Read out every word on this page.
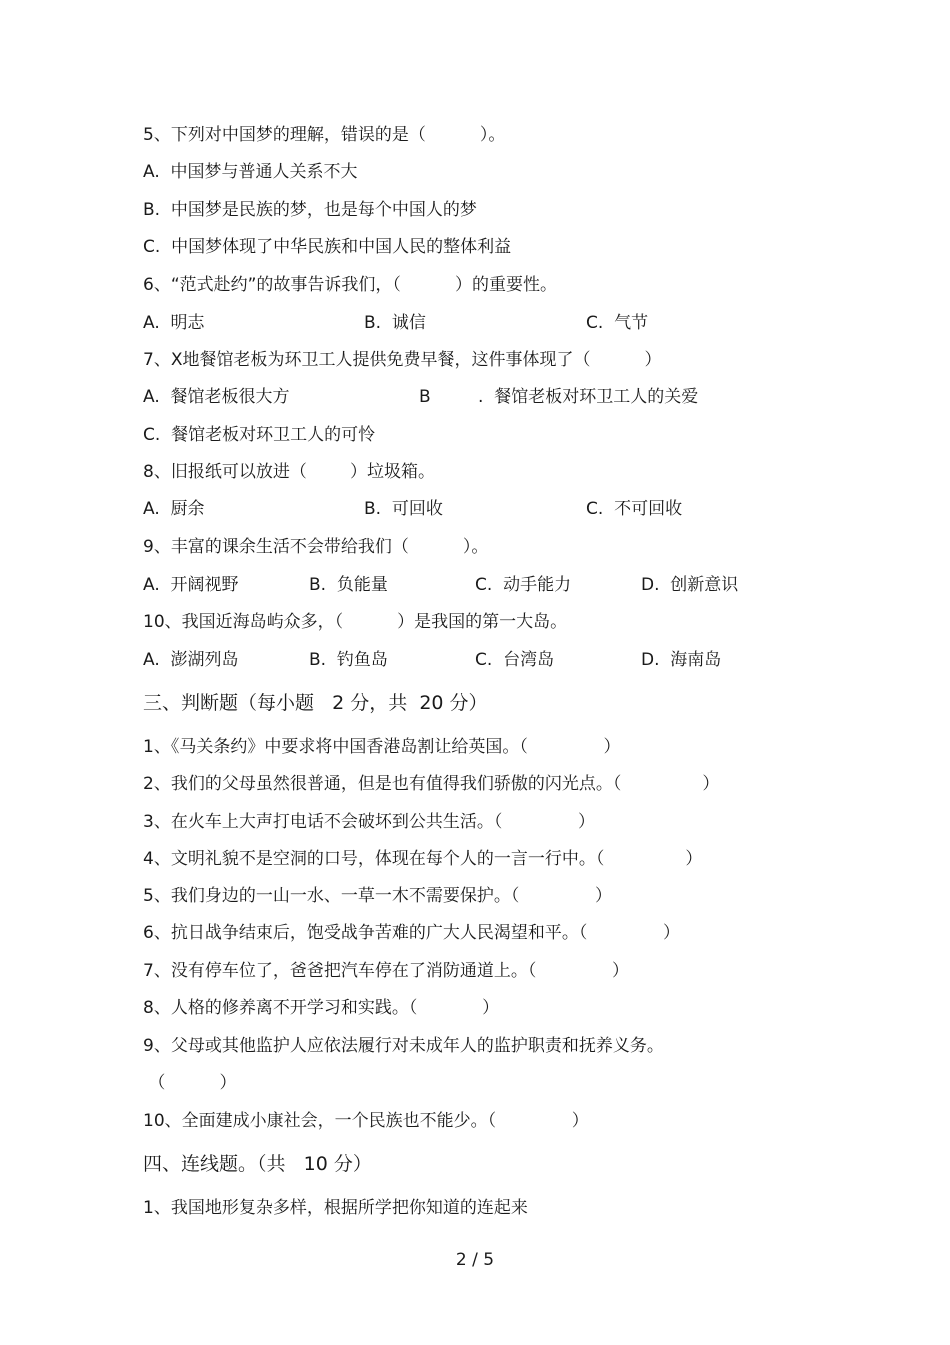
5、下列对中国梦的理解，错误的是（          ）。
A.  中国梦与普通人关系不大
B.  中国梦是民族的梦，也是每个中国人的梦
C.  中国梦体现了中华民族和中国人民的整体利益
6、“范式赴约”的故事告诉我们，（          ）的重要性。
A.  明志	B.  诚信	C.  气节
7、X地餐馆老板为环卫工人提供免费早餐，这件事体现了（          ）
A.  餐馆老板很大方	B	.  餐馆老板对环卫工人的关爱
C.  餐馆老板对环卫工人的可怜
8、旧报纸可以放进（        ）垃圾箱。
A.  厨余	B.  可回收	C.  不可回收
9、丰富的课余生活不会带给我们（          ）。
A.  开阔视野	B.  负能量	C.  动手能力	D.  创新意识
10、我国近海岛屿众多，（          ）是我国的第一大岛。
A.  澎湖列岛	B.  钓鱼岛	C.  台湾岛	D.  海南岛
三、判断题（每小题   2 分，共  20 分）
1、《马关条约》中要求将中国香港岛割让给英国。（              ）
2、我们的父母虽然很普通，但是也有值得我们骄傲的闪光点。（               ）
3、在火车上大声打电话不会破坏到公共生活。（              ）
4、文明礼貌不是空洞的口号，体现在每个人的一言一行中。（               ）
5、我们身边的一山一水、一草一木不需要保护。（              ）
6、抗日战争结束后，饱受战争苦难的广大人民渴望和平。（              ）
7、没有停车位了，爸爸把汽车停在了消防通道上。（              ）
8、人格的修养离不开学习和实践。（            ）
9、父母或其他监护人应依法履行对未成年人的监护职责和抚养义务。
（          ）
10、全面建成小康社会，一个民族也不能少。（              ）
四、连线题。（共   10 分）
1、我国地形复杂多样，根据所学把你知道的连起来
2 / 5
